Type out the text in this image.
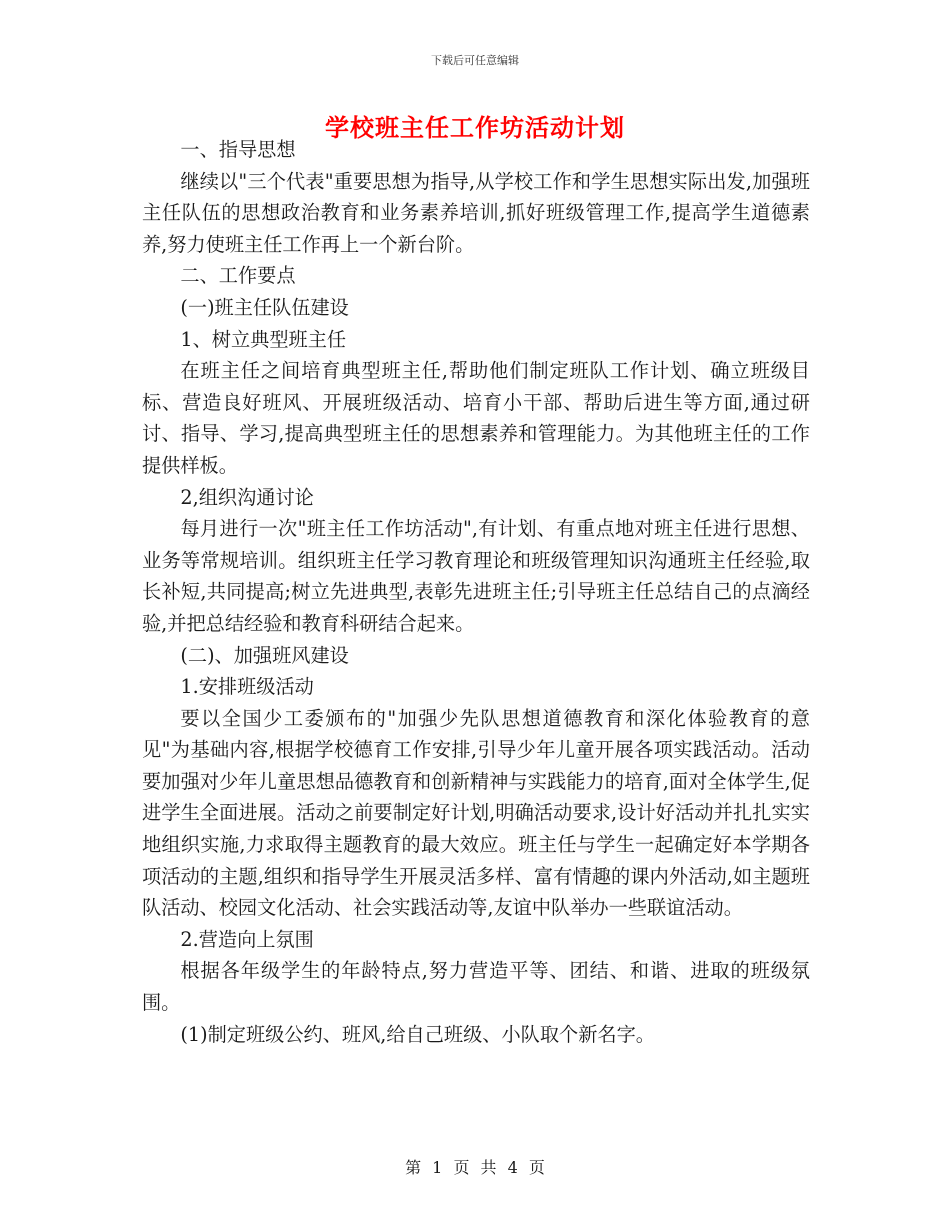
下载后可任意编辑
学校班主任工作坊活动计划

一、指导思想

继续以"三个代表"重要思想为指导,从学校工作和学生思想实际出发,加强班主任队伍的思想政治教育和业务素养培训,抓好班级管理工作,提高学生道德素养,努力使班主任工作再上一个新台阶。

二、工作要点

(一)班主任队伍建设

1、树立典型班主任

在班主任之间培育典型班主任,帮助他们制定班队工作计划、确立班级目标、营造良好班风、开展班级活动、培育小干部、帮助后进生等方面,通过研讨、指导、学习,提高典型班主任的思想素养和管理能力。为其他班主任的工作提供样板。

2,组织沟通讨论

每月进行一次"班主任工作坊活动",有计划、有重点地对班主任进行思想、业务等常规培训。组织班主任学习教育理论和班级管理知识沟通班主任经验,取长补短,共同提高;树立先进典型,表彰先进班主任;引导班主任总结自己的点滴经验,并把总结经验和教育科研结合起来。

(二)、加强班风建设

1.安排班级活动

要以全国少工委颁布的"加强少先队思想道德教育和深化体验教育的意见"为基础内容,根据学校德育工作安排,引导少年儿童开展各项实践活动。活动要加强对少年儿童思想品德教育和创新精神与实践能力的培育,面对全体学生,促进学生全面进展。活动之前要制定好计划,明确活动要求,设计好活动并扎扎实实地组织实施,力求取得主题教育的最大效应。班主任与学生一起确定好本学期各项活动的主题,组织和指导学生开展灵活多样、富有情趣的课内外活动,如主题班队活动、校园文化活动、社会实践活动等,友谊中队举办一些联谊活动。

2.营造向上氛围

根据各年级学生的年龄特点,努力营造平等、团结、和谐、进取的班级氛围。

(1)制定班级公约、班风,给自己班级、小队取个新名字。

第 1 页 共 4 页
